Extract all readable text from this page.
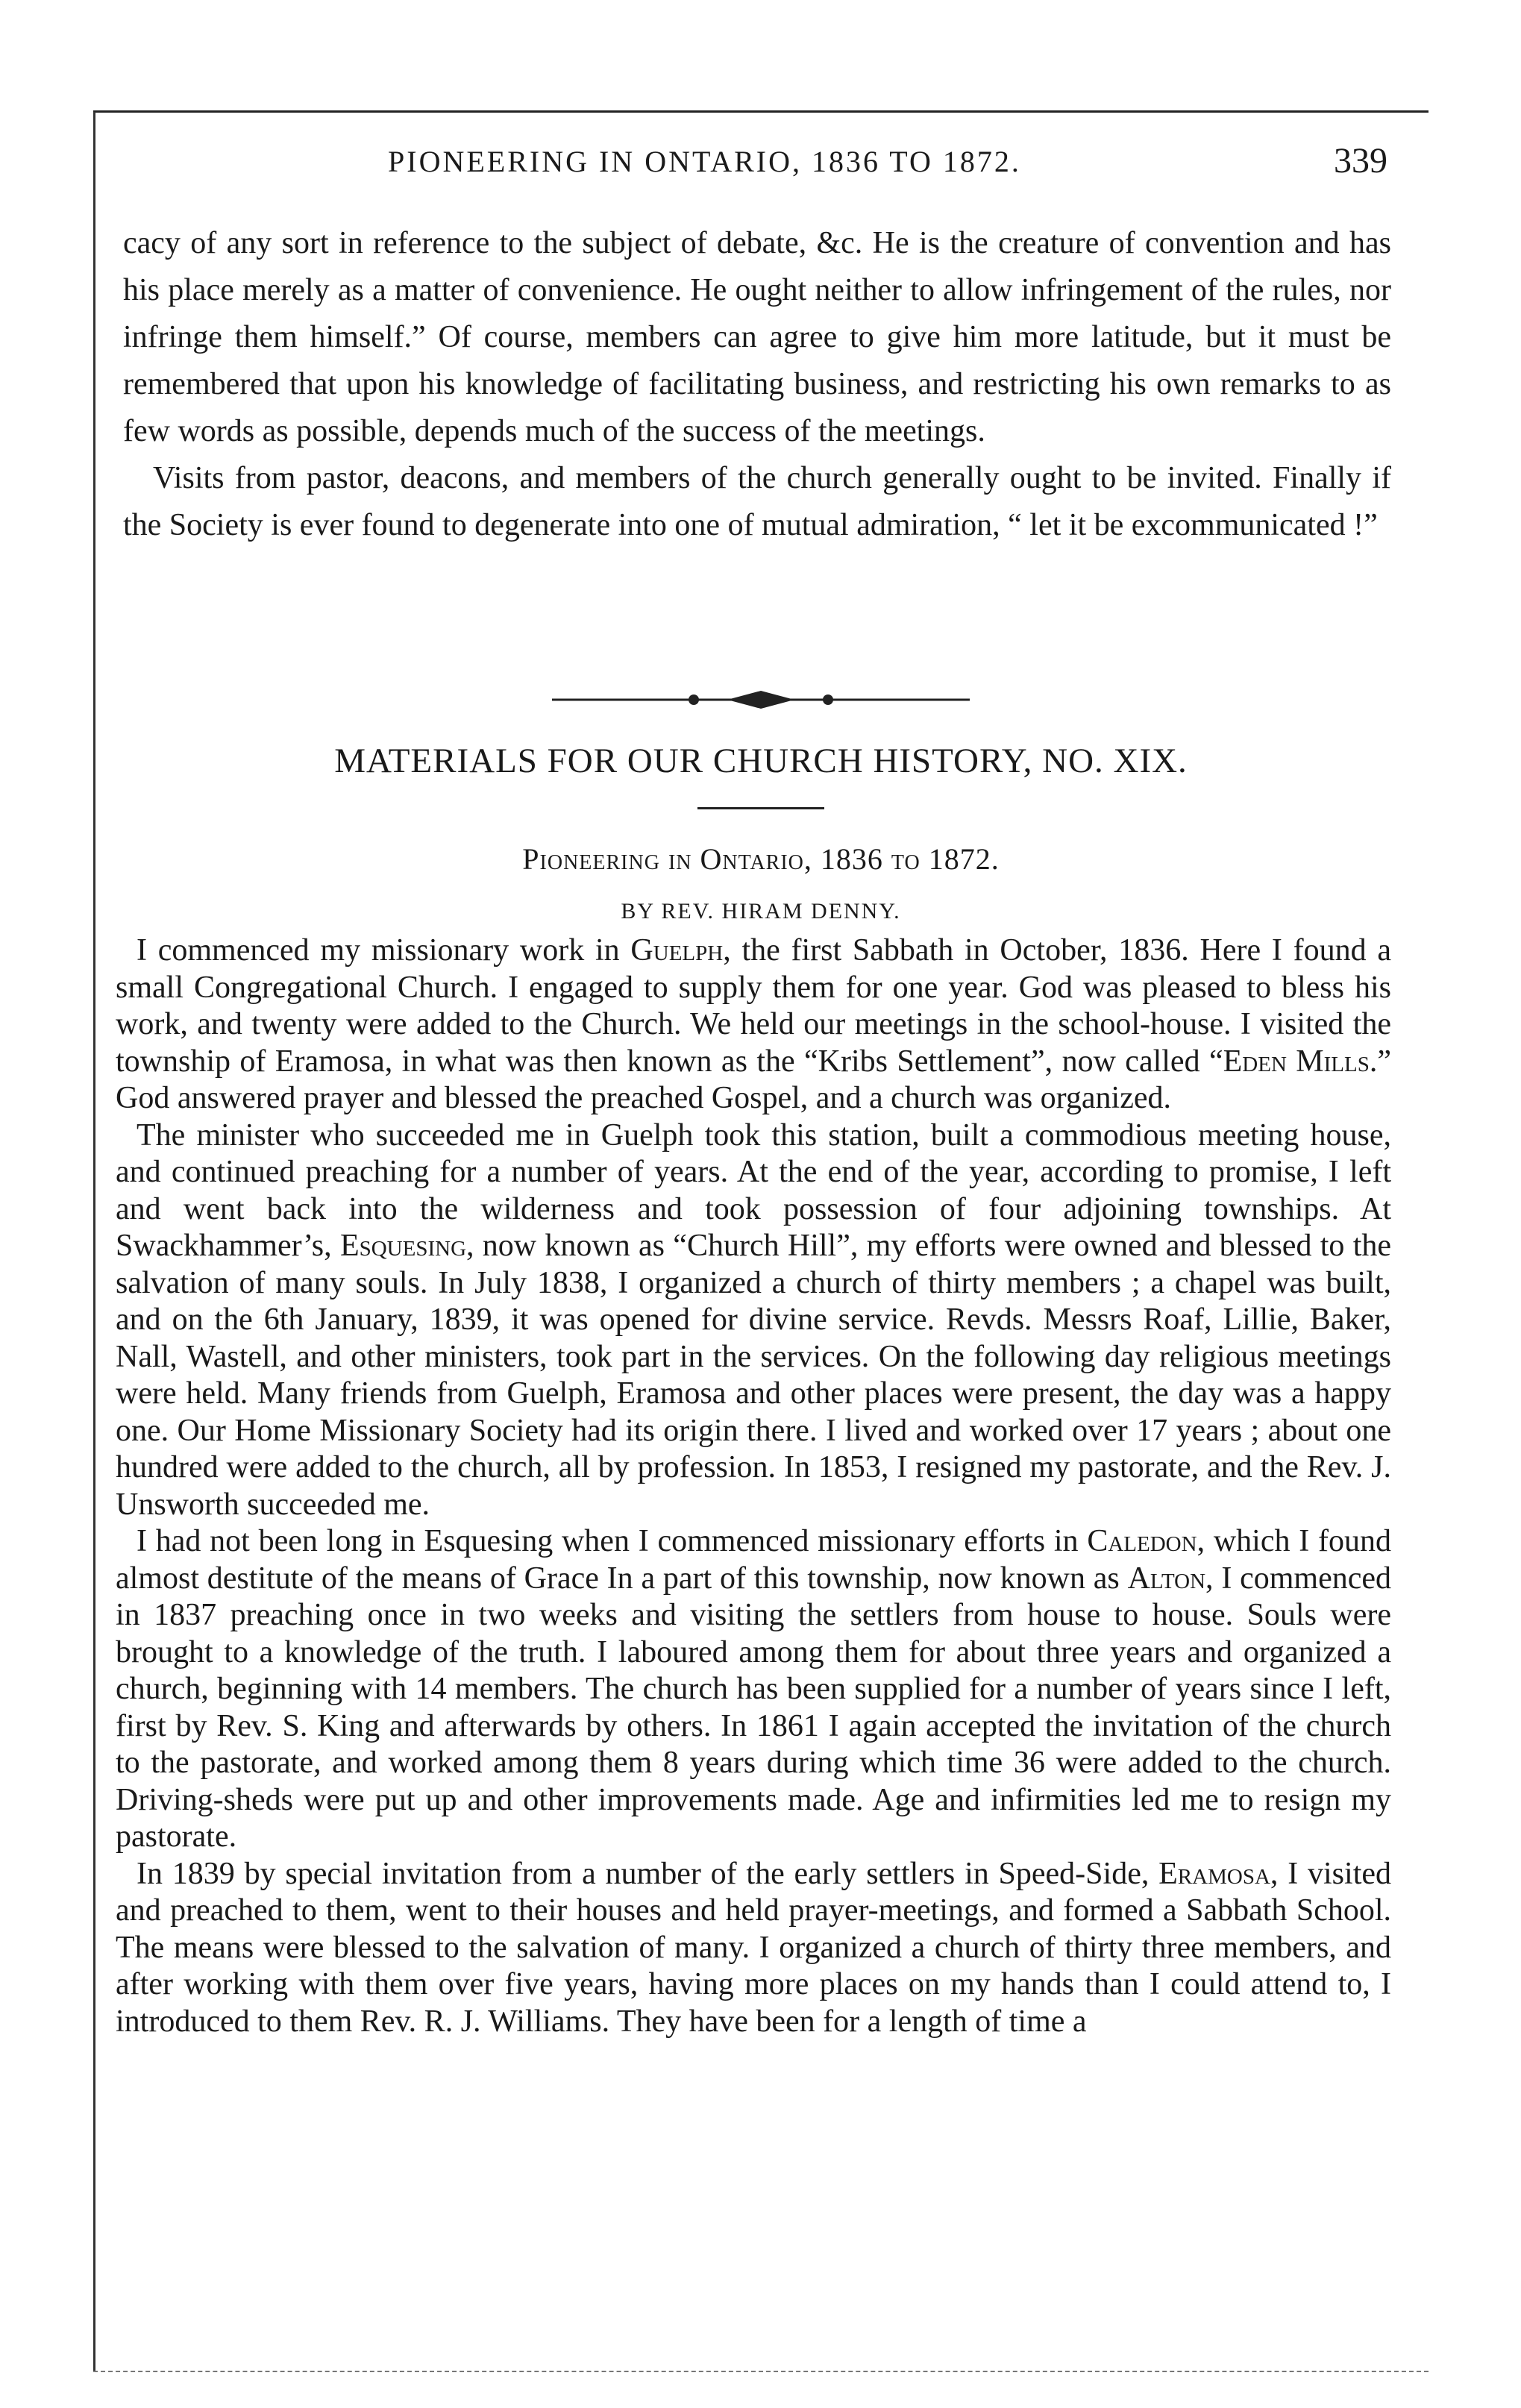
PIONEERING IN ONTARIO, 1836 TO 1872.	339

cacy of any sort in reference to the subject of debate, &c. He is the creature of convention and has his place merely as a matter of convenience. He ought neither to allow infringement of the rules, nor infringe them himself.” Of course, members can agree to give him more latitude, but it must be remembered that upon his knowledge of facilitating business, and restricting his own remarks to as few words as possible, depends much of the success of the meetings.

Visits from pastor, deacons, and members of the church generally ought to be invited. Finally if the Society is ever found to degenerate into one of mutual admiration, “ let it be excommunicated !”

MATERIALS FOR OUR CHURCH HISTORY, NO. XIX.
Pioneering in Ontario, 1836 to 1872.
BY REV. HIRAM DENNY.

I commenced my missionary work in Guelph, the first Sabbath in October, 1836. Here I found a small Congregational Church. I engaged to supply them for one year. God was pleased to bless his work, and twenty were added to the Church. We held our meetings in the school-house. I visited the township of Eramosa, in what was then known as the “Kribs Settlement”, now called “Eden Mills.” God answered prayer and blessed the preached Gospel, and a church was organized.

The minister who succeeded me in Guelph took this station, built a commodious meeting house, and continued preaching for a number of years. At the end of the year, according to promise, I left and went back into the wilderness and took possession of four adjoining townships. At Swackhammer’s, Esquesing, now known as “Church Hill”, my efforts were owned and blessed to the salvation of many souls. In July 1838, I organized a church of thirty members ; a chapel was built, and on the 6th January, 1839, it was opened for divine service. Revds. Messrs Roaf, Lillie, Baker, Nall, Wastell, and other ministers, took part in the services. On the following day religious meetings were held. Many friends from Guelph, Eramosa and other places were present, the day was a happy one. Our Home Missionary Society had its origin there. I lived and worked over 17 years ; about one hundred were added to the church, all by profession. In 1853, I resigned my pastorate, and the Rev. J. Unsworth succeeded me.

I had not been long in Esquesing when I commenced missionary efforts in Caledon, which I found almost destitute of the means of Grace In a part of this township, now known as Alton, I commenced in 1837 preaching once in two weeks and visiting the settlers from house to house. Souls were brought to a knowledge of the truth. I laboured among them for about three years and organized a church, beginning with 14 members. The church has been supplied for a number of years since I left, first by Rev. S. King and afterwards by others. In 1861 I again accepted the invitation of the church to the pastorate, and worked among them 8 years during which time 36 were added to the church. Driving-sheds were put up and other improvements made. Age and infirmities led me to resign my pastorate.

In 1839 by special invitation from a number of the early settlers in Speed-Side, Eramosa, I visited and preached to them, went to their houses and held prayer-meetings, and formed a Sabbath School. The means were blessed to the salvation of many. I organized a church of thirty three members, and after working with them over five years, having more places on my hands than I could attend to, I introduced to them Rev. R. J. Williams. They have been for a length of time a
